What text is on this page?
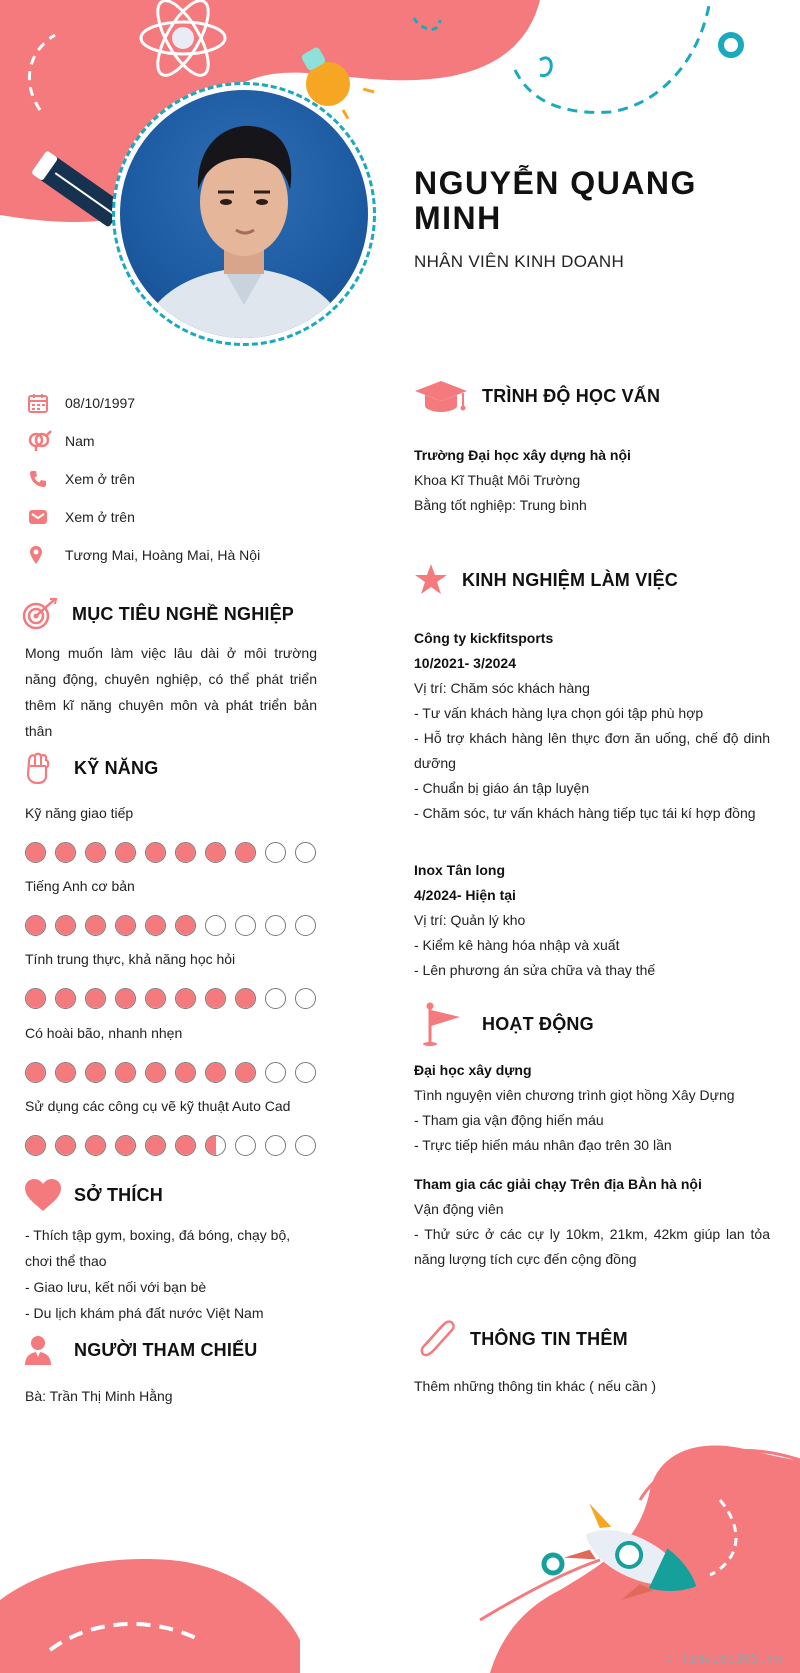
NGUYỄN QUANG MINH
NHÂN VIÊN KINH DOANH
08/10/1997
Nam
Xem ở trên
Xem ở trên
Tương Mai, Hoàng Mai, Hà Nội
MỤC TIÊU NGHỀ NGHIỆP
Mong muốn làm việc lâu dài ở môi trường năng động, chuyên nghiệp, có thể phát triển thêm kĩ năng chuyên môn và phát triển bản thân
KỸ NĂNG
Kỹ năng giao tiếp
Tiếng Anh cơ bản
Tính trung thực, khả năng học hỏi
Có hoài bão, nhanh nhẹn
Sử dụng các công cụ vẽ kỹ thuật Auto Cad
SỞ THÍCH
- Thích tập gym, boxing, đá bóng, chạy bộ, chơi thể thao
- Giao lưu, kết nối với bạn bè
- Du lịch khám phá đất nước Việt Nam
NGƯỜI THAM CHIẾU
Bà: Trần Thị Minh Hằng
TRÌNH ĐỘ HỌC VẤN
Trường Đại học xây dựng hà nội
Khoa Kĩ Thuật Môi Trường
Bằng tốt nghiệp: Trung bình
KINH NGHIỆM LÀM VIỆC
Công ty kickfitsports
10/2021- 3/2024
Vị trí: Chăm sóc khách hàng
- Tư vấn khách hàng lựa chọn gói tập phù hợp
- Hỗ trợ khách hàng lên thực đơn ăn uống, chế độ dinh dưỡng
- Chuẩn bị giáo án tập luyện
- Chăm sóc, tư vấn khách hàng tiếp tục tái kí hợp đồng
Inox Tân long
4/2024- Hiện tại
Vị trí: Quản lý kho
- Kiểm kê hàng hóa nhập và xuất
- Lên phương án sửa chữa và thay thế
HOẠT ĐỘNG
Đại học xây dựng
Tình nguyện viên chương trình giọt hồng Xây Dựng
- Tham gia vận động hiến máu
- Trực tiếp hiến máu nhân đạo trên 30 lần
Tham gia các giải chạy Trên địa BÀn hà nội
Vận động viên
- Thử sức ở các cự ly 10km, 21km, 42km giúp lan tỏa năng lượng tích cực đến cộng đồng
THÔNG TIN THÊM
Thêm những thông tin khác ( nếu cần )
∴ Timviec365.vn
